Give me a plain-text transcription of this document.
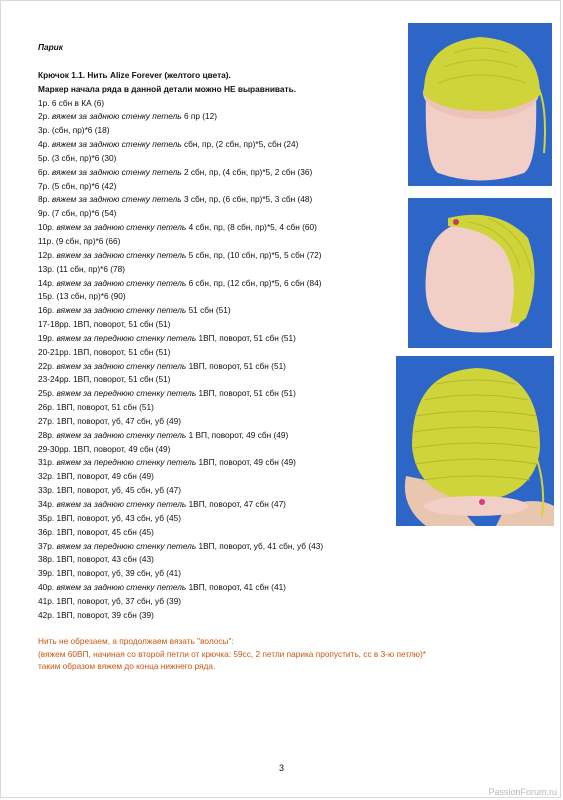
Парик
Крючок 1.1. Нить Alize Forever (желтого цвета).
Маркер начала ряда в данной детали можно НЕ выравнивать.
1р. 6 сбн в КА (6)
2р. вяжем за заднюю стенку петель 6 пр (12)
3р. (сбн, пр)*6 (18)
4р. вяжем за заднюю стенку петель сбн, пр, (2 сбн, пр)*5, сбн (24)
5р. (3 сбн, пр)*6 (30)
6р. вяжем за заднюю стенку петель 2 сбн, пр, (4 сбн, пр)*5, 2 сбн (36)
7р. (5 сбн, пр)*6 (42)
8р. вяжем за заднюю стенку петель 3 сбн, пр, (6 сбн, пр)*5, 3 сбн (48)
9р. (7 сбн, пр)*6 (54)
10р. вяжем за заднюю стенку петель 4 сбн, пр, (8 сбн, пр)*5, 4 сбн (60)
11р. (9 сбн, пр)*6 (66)
12р. вяжем за заднюю стенку петель 5 сбн, пр, (10 сбн, пр)*5, 5 сбн (72)
13р. (11 сбн, пр)*6 (78)
14р. вяжем за заднюю стенку петель 6 сбн, пр, (12 сбн, пр)*5, 6 сбн (84)
15р. (13 сбн, пр)*6 (90)
16р. вяжем за заднюю стенку петель 51 сбн (51)
17-18рр. 1ВП, поворот, 51 сбн (51)
19р. вяжем за переднюю стенку петель 1ВП, поворот, 51 сбн (51)
20-21рр. 1ВП, поворот, 51 сбн (51)
22р. вяжем за заднюю стенку петель 1ВП, поворот, 51 сбн (51)
23-24рр. 1ВП, поворот, 51 сбн (51)
25р. вяжем за переднюю стенку петель 1ВП, поворот, 51 сбн (51)
26р. 1ВП, поворот, 51 сбн (51)
27р. 1ВП, поворот, уб, 47 сбн, уб (49)
28р. вяжем за заднюю стенку петель 1 ВП, поворот, 49 сбн (49)
29-30рр. 1ВП, поворот, 49 сбн (49)
31р. вяжем за переднюю стенку петель 1ВП, поворот, 49 сбн (49)
32р. 1ВП, поворот, 49 сбн (49)
33р. 1ВП, поворот, уб, 45 сбн, уб (47)
34р. вяжем за заднюю стенку петель 1ВП, поворот, 47 сбн (47)
35р. 1ВП, поворот, уб, 43 сбн, уб (45)
36р. 1ВП, поворот, 45 сбн (45)
37р. вяжем за переднюю стенку петель 1ВП, поворот, уб, 41 сбн, уб (43)
38р. 1ВП, поворот, 43 сбн (43)
39р. 1ВП, поворот, уб, 39 сбн, уб (41)
40р. вяжем за заднюю стенку петель 1ВП, поворот, 41 сбн (41)
41р. 1ВП, поворот, уб, 37 сбн, уб (39)
42р. 1ВП, поворот, 39 сбн (39)
Нить не обрезаем, а продолжаем вязать "волосы":
(вяжем 60ВП, начиная со второй петли от крючка: 59сс, 2 петли парика пропустить, сс в 3-ю петлю)*
таким образом вяжем до конца нижнего ряда.
3
PassionForum.ru
